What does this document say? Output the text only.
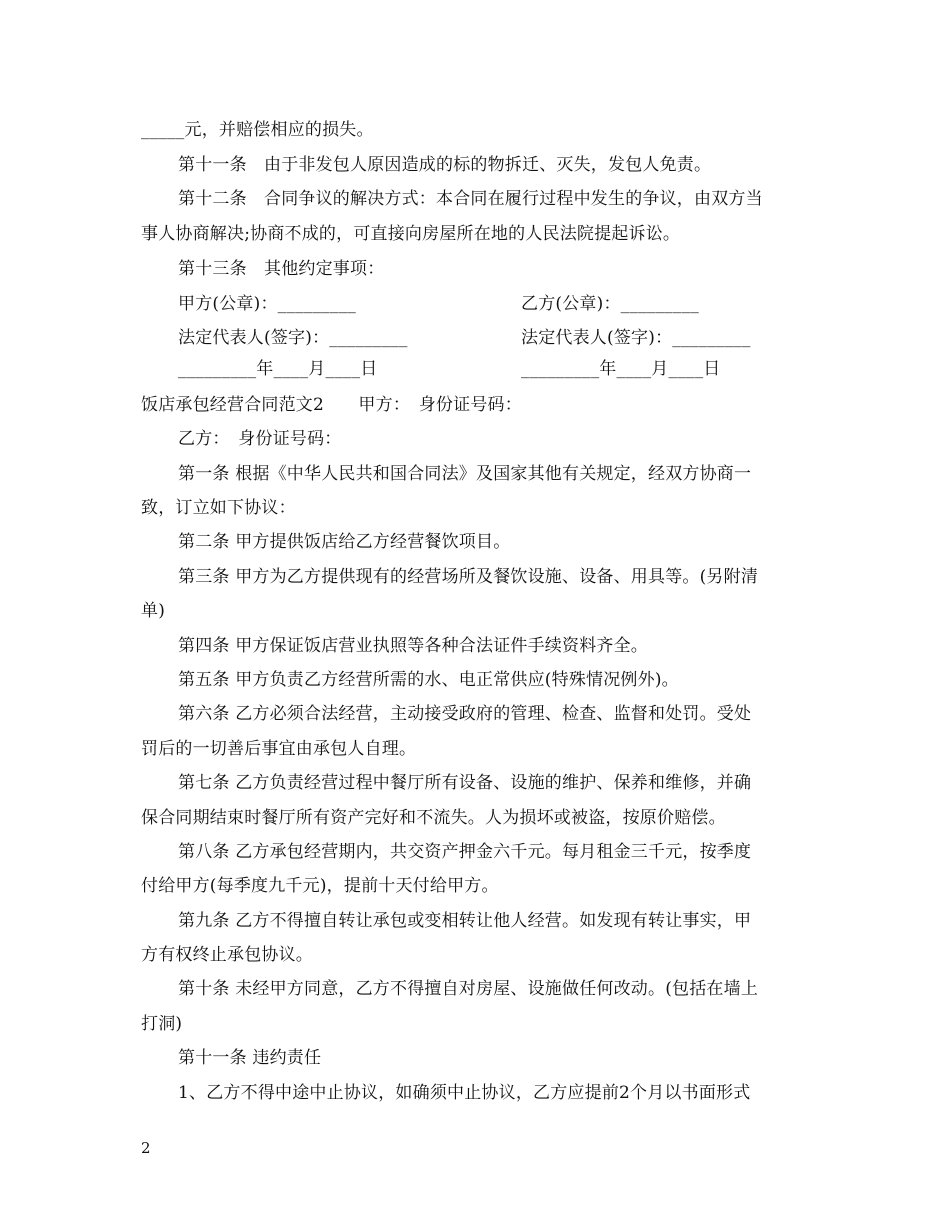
_____元，并赔偿相应的损失。
第十一条　由于非发包人原因造成的标的物拆迁、灭失，发包人免责。
第十二条　合同争议的解决方式：本合同在履行过程中发生的争议，由双方当
事人协商解决;协商不成的，可直接向房屋所在地的人民法院提起诉讼。
第十三条　其他约定事项：
甲方(公章)：_________	乙方(公章)：_________
法定代表人(签字)：_________	法定代表人(签字)：_________
_________年____月____日	_________年____月____日
饭店承包经营合同范文2　　甲方：　身份证号码：
乙方：　身份证号码：
第一条 根据《中华人民共和国合同法》及国家其他有关规定，经双方协商一
致，订立如下协议：
第二条 甲方提供饭店给乙方经营餐饮项目。
第三条 甲方为乙方提供现有的经营场所及餐饮设施、设备、用具等。(另附清
单)
第四条 甲方保证饭店营业执照等各种合法证件手续资料齐全。
第五条 甲方负责乙方经营所需的水、电正常供应(特殊情况例外)。
第六条 乙方必须合法经营，主动接受政府的管理、检查、监督和处罚。受处
罚后的一切善后事宜由承包人自理。
第七条 乙方负责经营过程中餐厅所有设备、设施的维护、保养和维修，并确
保合同期结束时餐厅所有资产完好和不流失。人为损坏或被盗，按原价赔偿。
第八条 乙方承包经营期内，共交资产押金六千元。每月租金三千元，按季度
付给甲方(每季度九千元)，提前十天付给甲方。
第九条 乙方不得擅自转让承包或变相转让他人经营。如发现有转让事实，甲
方有权终止承包协议。
第十条 未经甲方同意，乙方不得擅自对房屋、设施做任何改动。(包括在墙上
打洞)
第十一条 违约责任
1、乙方不得中途中止协议，如确须中止协议，乙方应提前2个月以书面形式
2
